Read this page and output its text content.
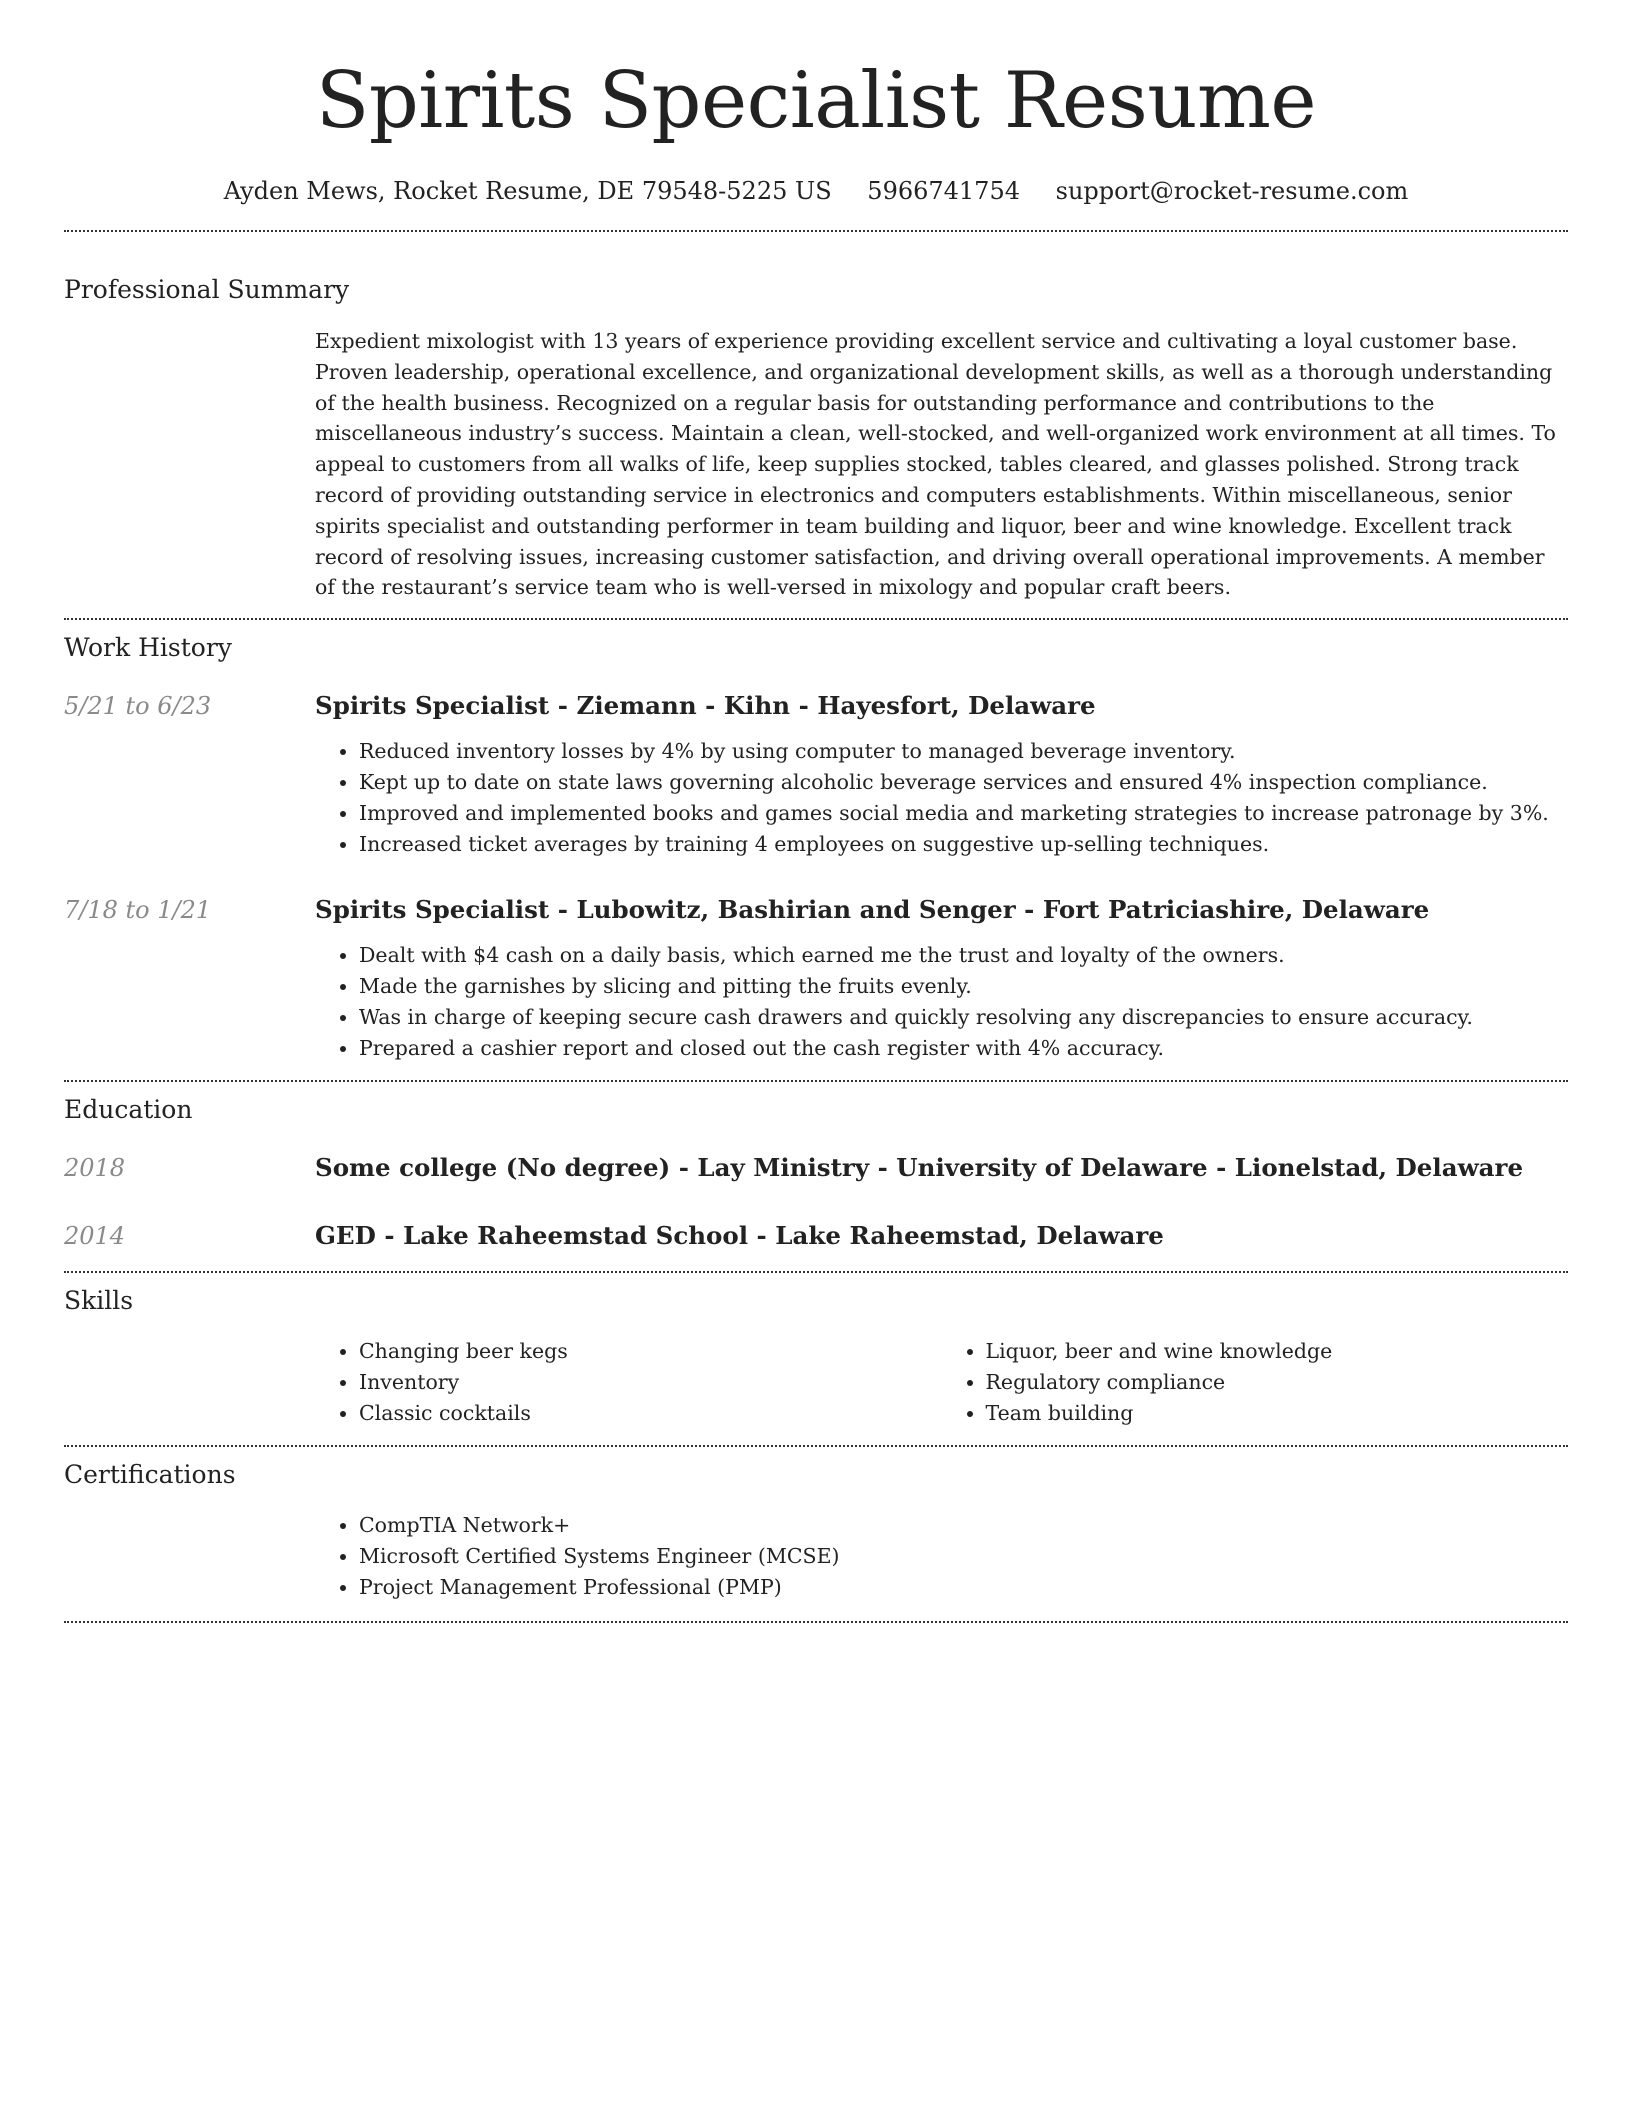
Spirits Specialist Resume
Ayden Mews, Rocket Resume, DE 79548-5225 US 5966741754 support@rocket-resume.com
Professional Summary

Expedient mixologist with 13 years of experience providing excellent service and cultivating a loyal customer base. Proven leadership, operational excellence, and organizational development skills, as well as a thorough understanding of the health business. Recognized on a regular basis for outstanding performance and contributions to the miscellaneous industry’s success. Maintain a clean, well-stocked, and well-organized work environment at all times. To appeal to customers from all walks of life, keep supplies stocked, tables cleared, and glasses polished. Strong track record of providing outstanding service in electronics and computers establishments. Within miscellaneous, senior spirits specialist and outstanding performer in team building and liquor, beer and wine knowledge. Excellent track record of resolving issues, increasing customer satisfaction, and driving overall operational improvements. A member of the restaurant’s service team who is well-versed in mixology and popular craft beers.

Work History
5/21 to 6/23	Spirits Specialist - Ziemann - Kihn - Hayesfort, Delaware
• Reduced inventory losses by 4% by using computer to managed beverage inventory.
• Kept up to date on state laws governing alcoholic beverage services and ensured 4% inspection compliance.
• Improved and implemented books and games social media and marketing strategies to increase patronage by 3%.
• Increased ticket averages by training 4 employees on suggestive up-selling techniques.
7/18 to 1/21	Spirits Specialist - Lubowitz, Bashirian and Senger - Fort Patriciashire, Delaware
• Dealt with $4 cash on a daily basis, which earned me the trust and loyalty of the owners.
• Made the garnishes by slicing and pitting the fruits evenly.
• Was in charge of keeping secure cash drawers and quickly resolving any discrepancies to ensure accuracy.
• Prepared a cashier report and closed out the cash register with 4% accuracy.
Education
2018	Some college (No degree) - Lay Ministry - University of Delaware - Lionelstad, Delaware
2014	GED - Lake Raheemstad School - Lake Raheemstad, Delaware
Skills
• Changing beer kegs
• Inventory
• Classic cocktails
• Liquor, beer and wine knowledge
• Regulatory compliance
• Team building
Certifications
• CompTIA Network+
• Microsoft Certified Systems Engineer (MCSE)
• Project Management Professional (PMP)
